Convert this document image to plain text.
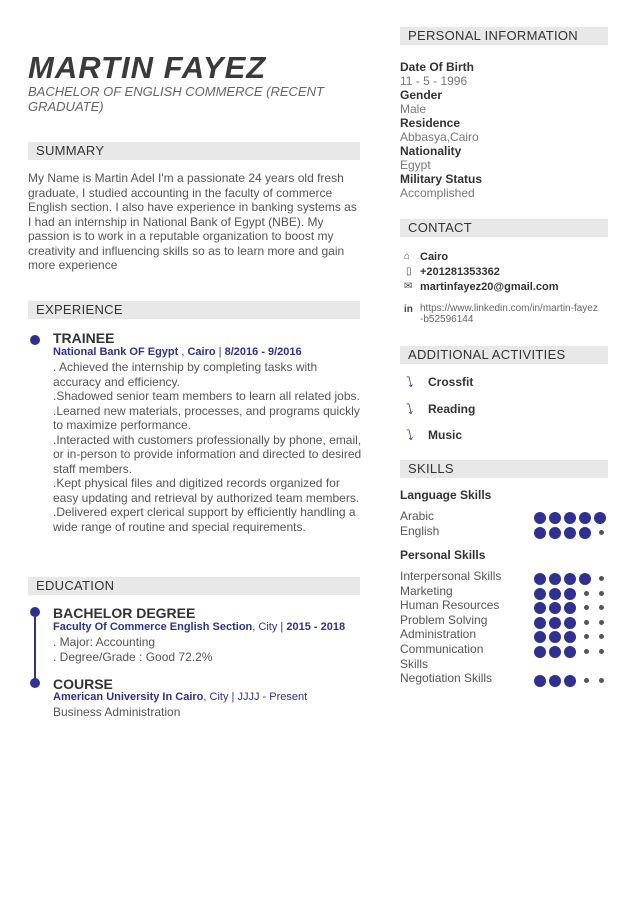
MARTIN FAYEZ
BACHELOR OF ENGLISH COMMERCE (RECENT GRADUATE)
SUMMARY
My Name is Martin Adel I'm a passionate 24 years old fresh graduate, I studied accounting in the faculty of commerce English section. I also have experience in banking systems as I had an internship in National Bank of Egypt (NBE). My passion is to work in a reputable organization to boost my creativity and influencing skills so as to learn more and gain more experience
EXPERIENCE
TRAINEE
National Bank OF Egypt , Cairo | 8/2016 - 9/2016
. Achieved the internship by completing tasks with accuracy and efficiency.
.Shadowed senior team members to learn all related jobs.
.Learned new materials, processes, and programs quickly to maximize performance.
.Interacted with customers professionally by phone, email, or in-person to provide information and directed to desired staff members.
.Kept physical files and digitized records organized for easy updating and retrieval by authorized team members.
.Delivered expert clerical support by efficiently handling a wide range of routine and special requirements.
EDUCATION
BACHELOR DEGREE
Faculty Of Commerce English Section, City | 2015 - 2018
. Major: Accounting
. Degree/Grade : Good 72.2%
COURSE
American University In Cairo, City | JJJJ - Present
Business Administration
PERSONAL INFORMATION
Date Of Birth
11 - 5 - 1996
Gender
Male
Residence
Abbasya,Cairo
Nationality
Egypt
Military Status
Accomplished
CONTACT
⌂ Cairo
▯ +201281353362
✉ martinfayez20@gmail.com
in https://www.linkedin.com/in/martin-fayez-b52596144
ADDITIONAL ACTIVITIES
⭝ Crossfit
⭝ Reading
⭝ Music
SKILLS
Language Skills
Arabic
English
Personal Skills
Interpersonal Skills
Marketing
Human Resources
Problem Solving
Administration
Communication Skills
Negotiation Skills
